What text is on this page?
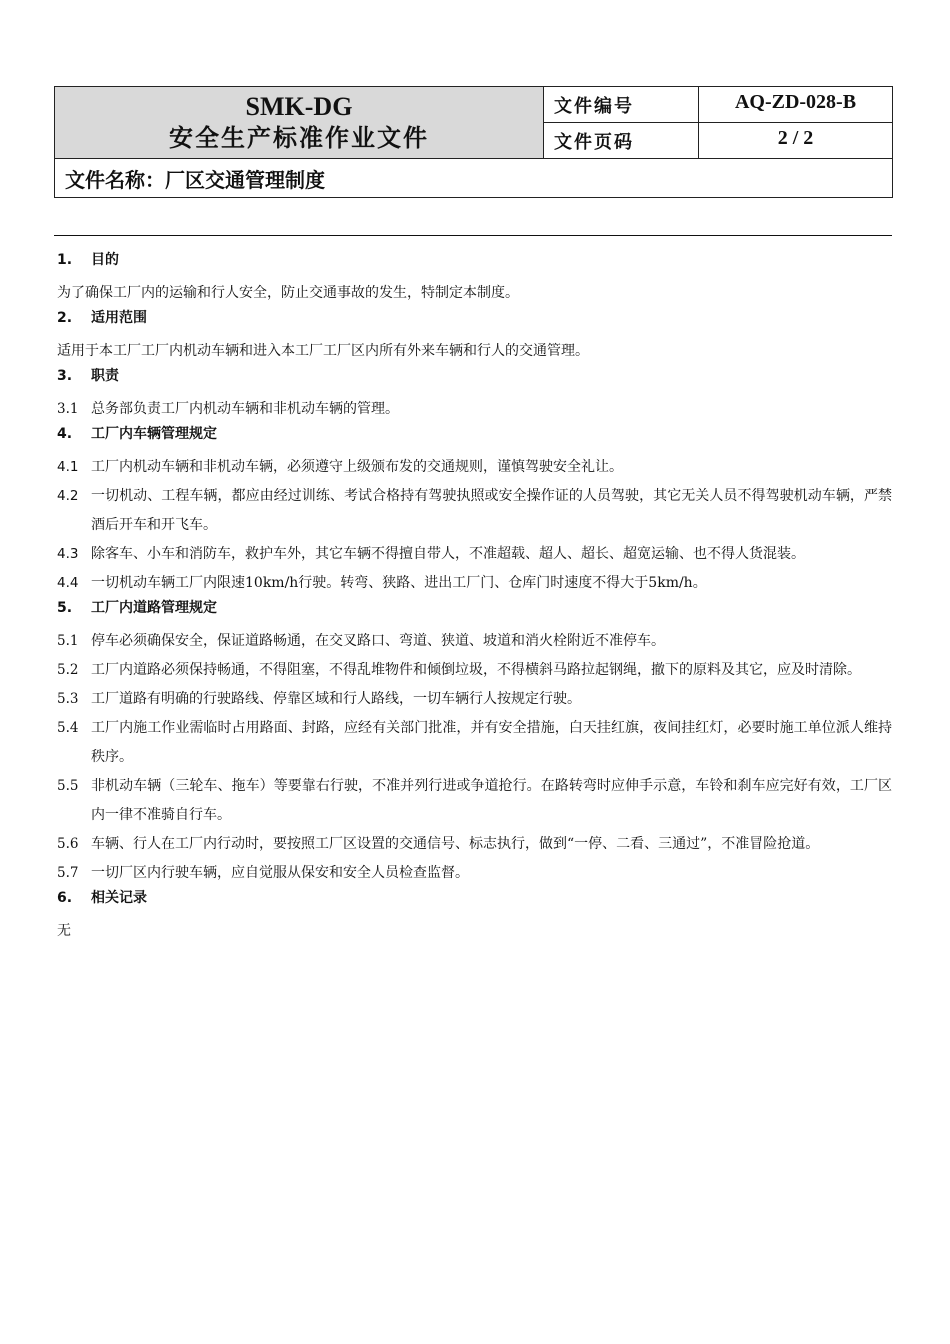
SMK-DG
安全生产标准作业文件	文件编号	AQ-ZD-028-B
	文件页码	2 / 2
文件名称：厂区交通管理制度		
1.	目的
为了确保工厂内的运输和行人安全，防止交通事故的发生，特制定本制度。
2.	适用范围
适用于本工厂工厂内机动车辆和进入本工厂工厂区内所有外来车辆和行人的交通管理。
3.	职责
3.1 总务部负责工厂内机动车辆和非机动车辆的管理。
4.	工厂内车辆管理规定
4.1 工厂内机动车辆和非机动车辆，必须遵守上级颁布发的交通规则，谨慎驾驶安全礼让。
4.2 一切机动、工程车辆，都应由经过训练、考试合格持有驾驶执照或安全操作证的人员驾驶，其它无关人员不得驾驶机动车辆，严禁酒后开车和开飞车。
4.3 除客车、小车和消防车，救护车外，其它车辆不得擅自带人，不准超载、超人、超长、超宽运输、也不得人货混装。
4.4 一切机动车辆工厂内限速10km/h行驶。转弯、狭路、进出工厂门、仓库门时速度不得大于5km/h。
5.	工厂内道路管理规定
5.1 停车必须确保安全，保证道路畅通，在交叉路口、弯道、狭道、坡道和消火栓附近不准停车。
5.2 工厂内道路必须保持畅通，不得阻塞，不得乱堆物件和倾倒垃圾，不得横斜马路拉起钢绳，撤下的原料及其它，应及时清除。
5.3 工厂道路有明确的行驶路线、停靠区域和行人路线，一切车辆行人按规定行驶。
5.4 工厂内施工作业需临时占用路面、封路，应经有关部门批准，并有安全措施，白天挂红旗，夜间挂红灯，必要时施工单位派人维持秩序。
5.5 非机动车辆（三轮车、拖车）等要靠右行驶，不准并列行进或争道抢行。在路转弯时应伸手示意，车铃和刹车应完好有效，工厂区内一律不准骑自行车。
5.6 车辆、行人在工厂内行动时，要按照工厂区设置的交通信号、标志执行，做到“一停、二看、三通过”，不准冒险抢道。
5.7 一切厂区内行驶车辆，应自觉服从保安和安全人员检查监督。
6.	相关记录
无
